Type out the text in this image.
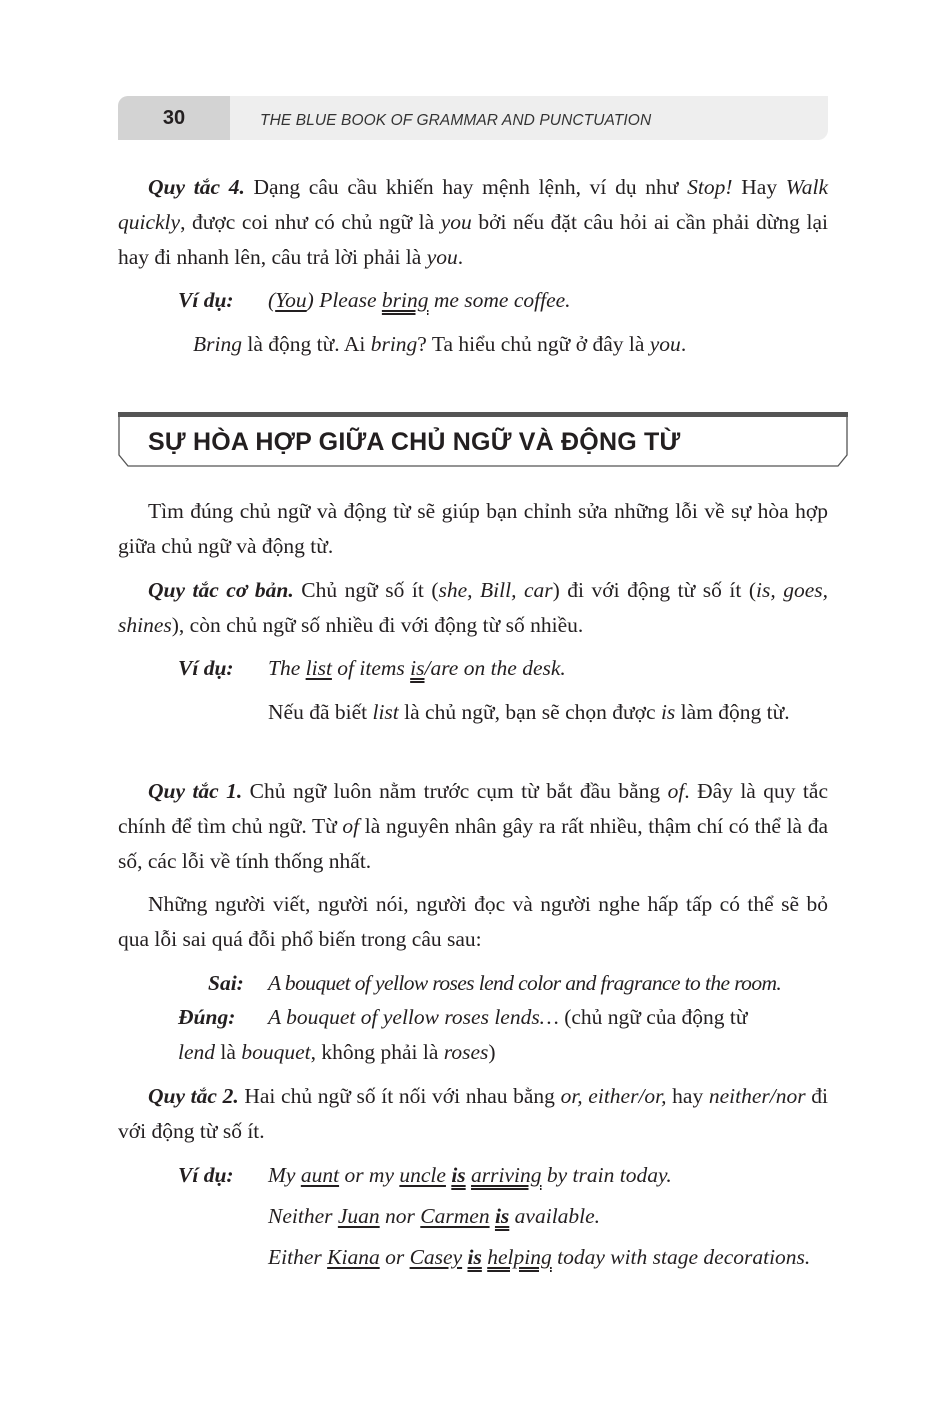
30	THE BLUE BOOK OF GRAMMAR AND PUNCTUATION

Quy tắc 4. Dạng câu cầu khiến hay mệnh lệnh, ví dụ như Stop! Hay Walk quickly, được coi như có chủ ngữ là you bởi nếu đặt câu hỏi ai cần phải dừng lại hay đi nhanh lên, câu trả lời phải là you.

Ví dụ: (You) Please bring me some coffee.

Bring là động từ. Ai bring? Ta hiểu chủ ngữ ở đây là you.

SỰ HÒA HỢP GIỮA CHỦ NGỮ VÀ ĐỘNG TỪ

Tìm đúng chủ ngữ và động từ sẽ giúp bạn chỉnh sửa những lỗi về sự hòa hợp giữa chủ ngữ và động từ.

Quy tắc cơ bản. Chủ ngữ số ít (she, Bill, car) đi với động từ số ít (is, goes, shines), còn chủ ngữ số nhiều đi với động từ số nhiều.

Ví dụ: The list of items is/are on the desk.

Nếu đã biết list là chủ ngữ, bạn sẽ chọn được is làm động từ.

Quy tắc 1. Chủ ngữ luôn nằm trước cụm từ bắt đầu bằng of. Đây là quy tắc chính để tìm chủ ngữ. Từ of là nguyên nhân gây ra rất nhiều, thậm chí có thể là đa số, các lỗi về tính thống nhất.

Những người viết, người nói, người đọc và người nghe hấp tấp có thể sẽ bỏ qua lỗi sai quá đỗi phổ biến trong câu sau:

Sai: A bouquet of yellow roses lend color and fragrance to the room.

Đúng: A bouquet of yellow roses lends… (chủ ngữ của động từ

lend là bouquet, không phải là roses)

Quy tắc 2. Hai chủ ngữ số ít nối với nhau bằng or, either/or, hay neither/nor đi với động từ số ít.

Ví dụ: My aunt or my uncle is arriving by train today.

Neither Juan nor Carmen is available.

Either Kiana or Casey is helping today with stage decorations.
